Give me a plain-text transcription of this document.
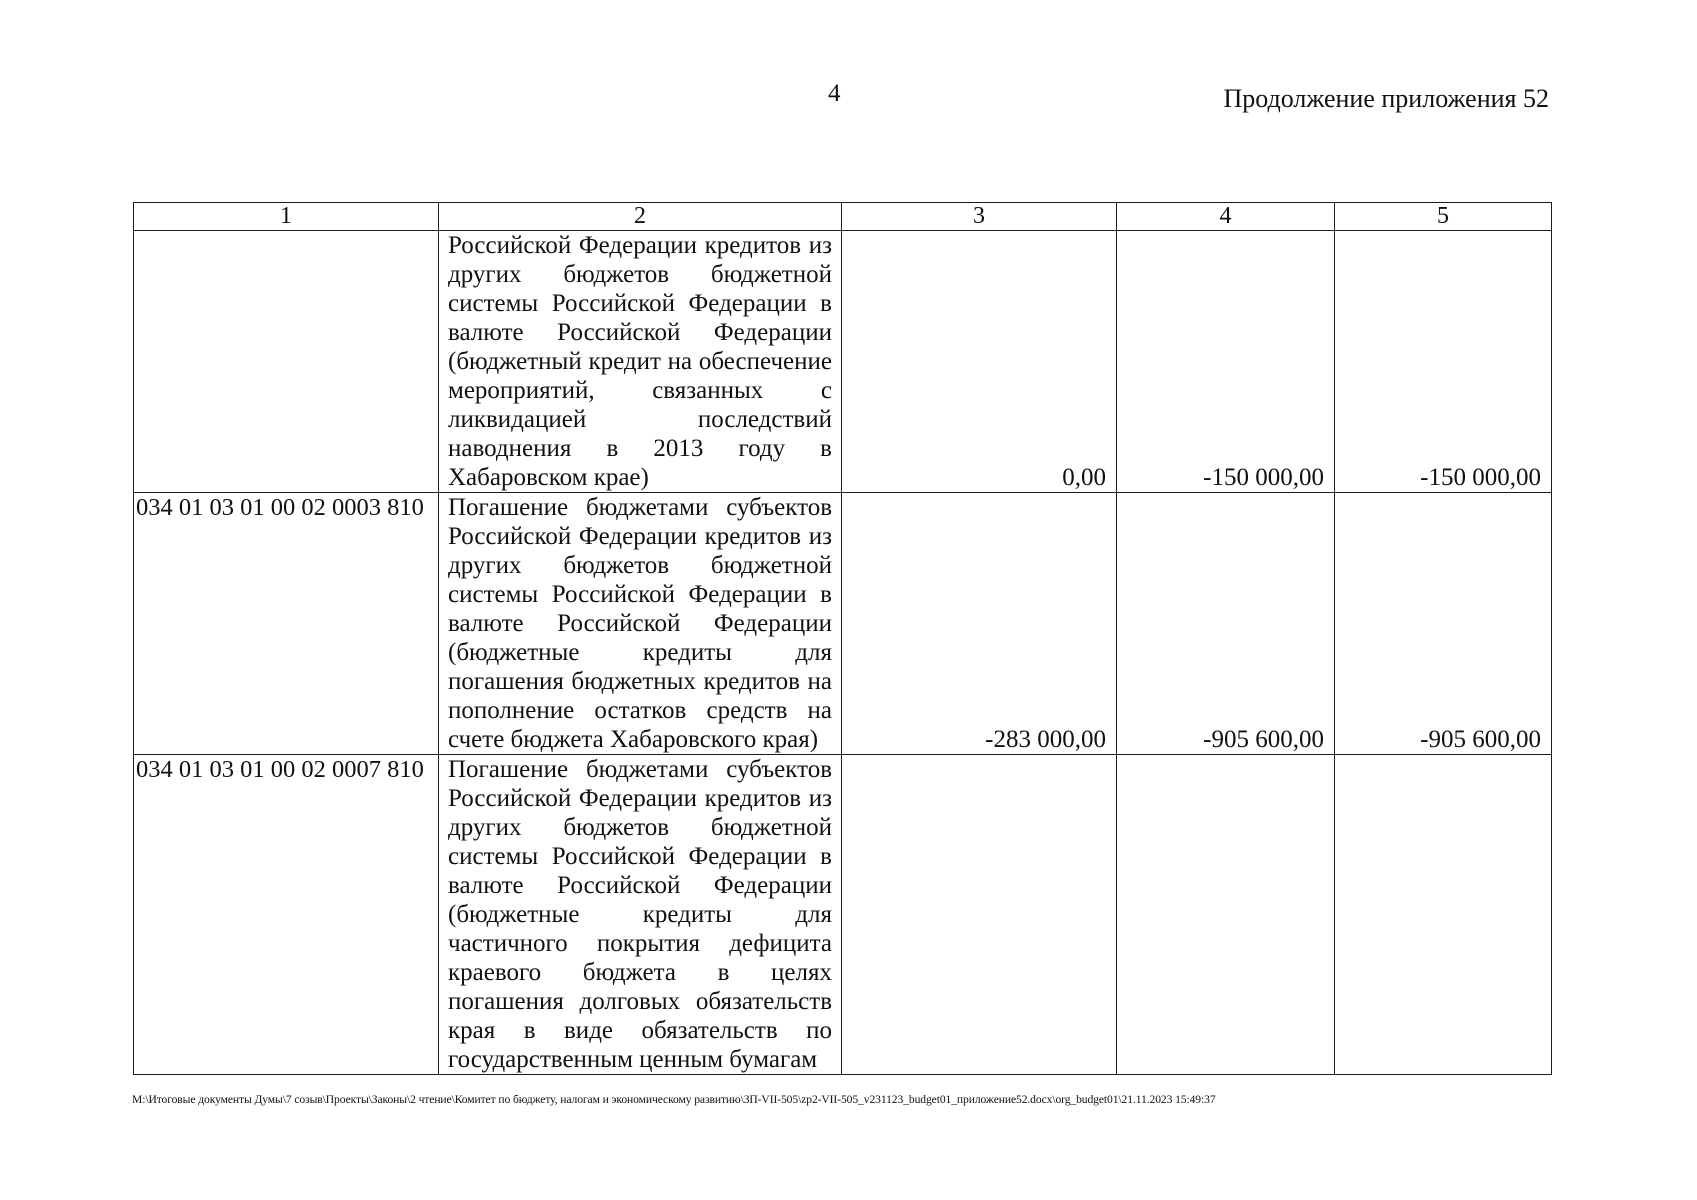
4	Продолжение приложения 52
1	2	3	4	5
	Российской Федерации кредитов из других бюджетов бюджетной системы Российской Федерации в валюте Российской Федерации (бюджетный кредит на обеспечение мероприятий, связанных с ликвидацией последствий наводнения в 2013 году в Хабаровском крае)	0,00	-150 000,00	-150 000,00
034 01 03 01 00 02 0003 810	Погашение бюджетами субъектов Российской Федерации кредитов из других бюджетов бюджетной системы Российской Федерации в валюте Российской Федерации (бюджетные кредиты для погашения бюджетных кредитов на пополнение остатков средств на счете бюджета Хабаровского края)	-283 000,00	-905 600,00	-905 600,00
034 01 03 01 00 02 0007 810	Погашение бюджетами субъектов Российской Федерации кредитов из других бюджетов бюджетной системы Российской Федерации в валюте Российской Федерации (бюджетные кредиты для частичного покрытия дефицита краевого бюджета в целях погашения долговых обязательств края в виде обязательств по государственным ценным бумагам			
M:\Итоговые документы Думы\7 созыв\Проекты\Законы\2 чтение\Комитет по бюджету, налогам и экономическому развитию\ЗП-VII-505\zp2-VII-505_v231123_budget01_приложение52.docx\org_budget01\21.11.2023 15:49:37
